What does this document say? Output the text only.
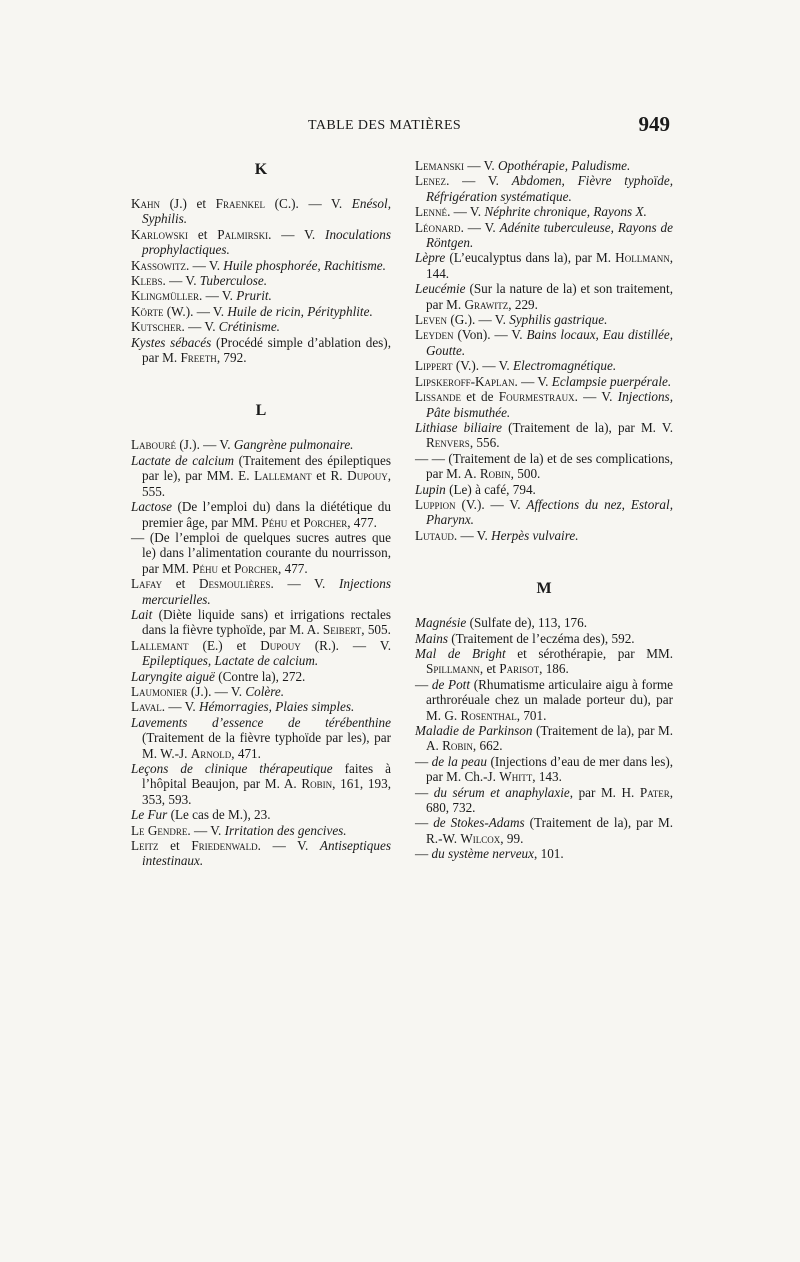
TABLE DES MATIÈRES	949
K

Kahn (J.) et Fraenkel (C.). — V. Enésol, Syphilis.

Karlowski et Palmirski. — V. Inoculations prophylactiques.

Kassowitz. — V. Huile phosphorée, Rachitisme.

Klebs. — V. Tuberculose.

Klingmüller. — V. Prurit.

Körte (W.). — V. Huile de ricin, Pérityphlite.

Kutscher. — V. Crétinisme.

Kystes sébacés (Procédé simple d’ablation des), par M. Freeth, 792.

L

Labouré (J.). — V. Gangrène pulmonaire.

Lactate de calcium (Traitement des épileptiques par le), par MM. E. Lallemant et R. Dupouy, 555.

Lactose (De l’emploi du) dans la diététique du premier âge, par MM. Péhu et Porcher, 477.

— (De l’emploi de quelques sucres autres que le) dans l’alimentation courante du nourrisson, par MM. Péhu et Porcher, 477.

Lafay et Desmoulières. — V. Injections mercurielles.

Lait (Diète liquide sans) et irrigations rectales dans la fièvre typhoïde, par M. A. Seibert, 505.

Lallemant (E.) et Dupouy (R.). — V. Epileptiques, Lactate de calcium.

Laryngite aiguë (Contre la), 272.

Laumonier (J.). — V. Colère.

Laval. — V. Hémorragies, Plaies simples.

Lavements d’essence de térébenthine (Traitement de la fièvre typhoïde par les), par M. W.-J. Arnold, 471.

Leçons de clinique thérapeutique faites à l’hôpital Beaujon, par M. A. Robin, 161, 193, 353, 593.

Le Fur (Le cas de M.), 23.

Le Gendre. — V. Irritation des gencives.

Leitz et Friedenwald. — V. Antiseptiques intestinaux.

Lemanski — V. Opothérapie, Paludisme.

Lenez. — V. Abdomen, Fièvre typhoïde, Réfrigération systématique.

Lenné. — V. Néphrite chronique, Rayons X.

Léonard. — V. Adénite tuberculeuse, Rayons de Röntgen.

Lèpre (L’eucalyptus dans la), par M. Hollmann, 144.

Leucémie (Sur la nature de la) et son traitement, par M. Grawitz, 229.

Leven (G.). — V. Syphilis gastrique.

Leyden (Von). — V. Bains locaux, Eau distillée, Goutte.

Lippert (V.). — V. Electromagnétique.

Lipskeroff-Kaplan. — V. Eclampsie puerpérale.

Lissande et de Fourmestraux. — V. Injections, Pâte bismuthée.

Lithiase biliaire (Traitement de la), par M. V. Renvers, 556.

— — (Traitement de la) et de ses complications, par M. A. Robin, 500.

Lupin (Le) à café, 794.

Luppion (V.). — V. Affections du nez, Estoral, Pharynx.

Lutaud. — V. Herpès vulvaire.

M

Magnésie (Sulfate de), 113, 176.

Mains (Traitement de l’eczéma des), 592.

Mal de Bright et sérothérapie, par MM. Spillmann, et Parisot, 186.

— de Pott (Rhumatisme articulaire aigu à forme arthroréuale chez un malade porteur du), par M. G. Rosenthal, 701.

Maladie de Parkinson (Traitement de la), par M. A. Robin, 662.

— de la peau (Injections d’eau de mer dans les), par M. Ch.-J. Whitt, 143.

— du sérum et anaphylaxie, par M. H. Pater, 680, 732.

— de Stokes-Adams (Traitement de la), par M. R.-W. Wilcox, 99.

— du système nerveux, 101.
